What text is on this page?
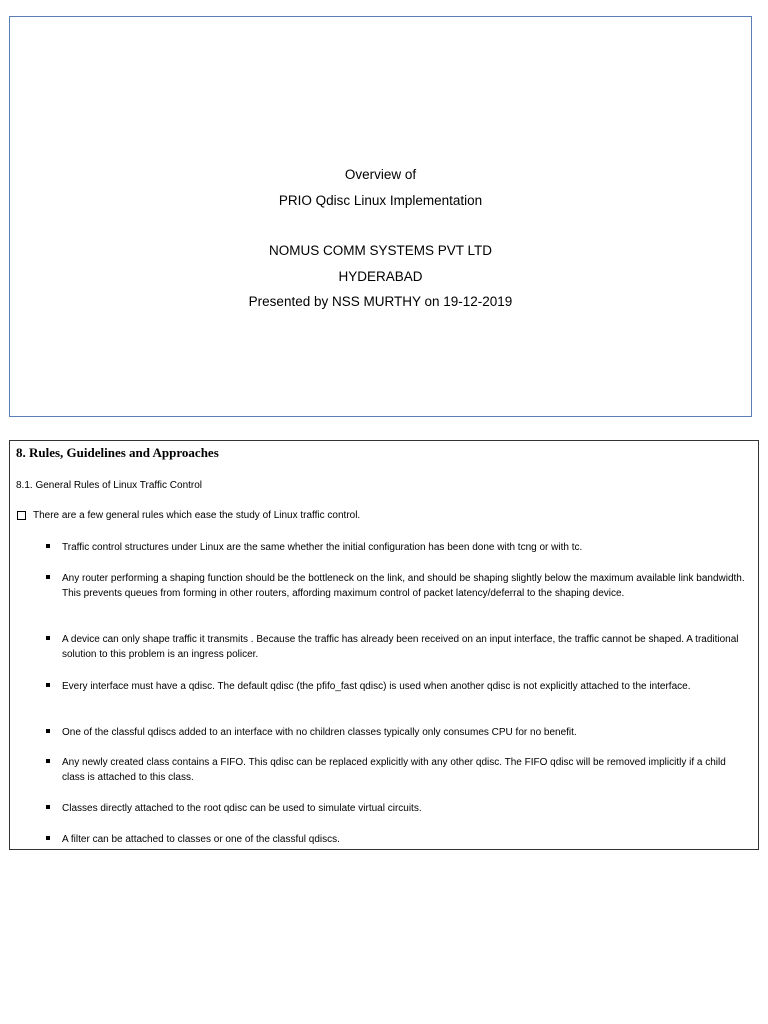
Overview of
PRIO Qdisc Linux Implementation
NOMUS COMM SYSTEMS PVT LTD
HYDERABAD
Presented by NSS MURTHY on 19-12-2019
8. Rules, Guidelines and Approaches
8.1. General Rules of Linux Traffic Control
There are a few general rules which ease the study of Linux traffic control.
Traffic control structures under Linux are the same whether the initial configuration has been done with tcng or with tc.
Any router performing a shaping function should be the bottleneck on the link, and should be shaping slightly below the maximum available link bandwidth. This prevents queues from forming in other routers, affording maximum control of packet latency/deferral to the shaping device.
A device can only shape traffic it transmits . Because the traffic has already been received on an input interface, the traffic cannot be shaped. A traditional solution to this problem is an ingress policer.
Every interface must have a qdisc. The default qdisc (the pfifo_fast qdisc) is used when another qdisc is not explicitly attached to the interface.
One of the classful qdiscs added to an interface with no children classes typically only consumes CPU for no benefit.
Any newly created class contains a FIFO. This qdisc can be replaced explicitly with any other qdisc. The FIFO qdisc will be removed implicitly if a child class is attached to this class.
Classes directly attached to the root qdisc can be used to simulate virtual circuits.
A filter can be attached to classes or one of the classful qdiscs.
